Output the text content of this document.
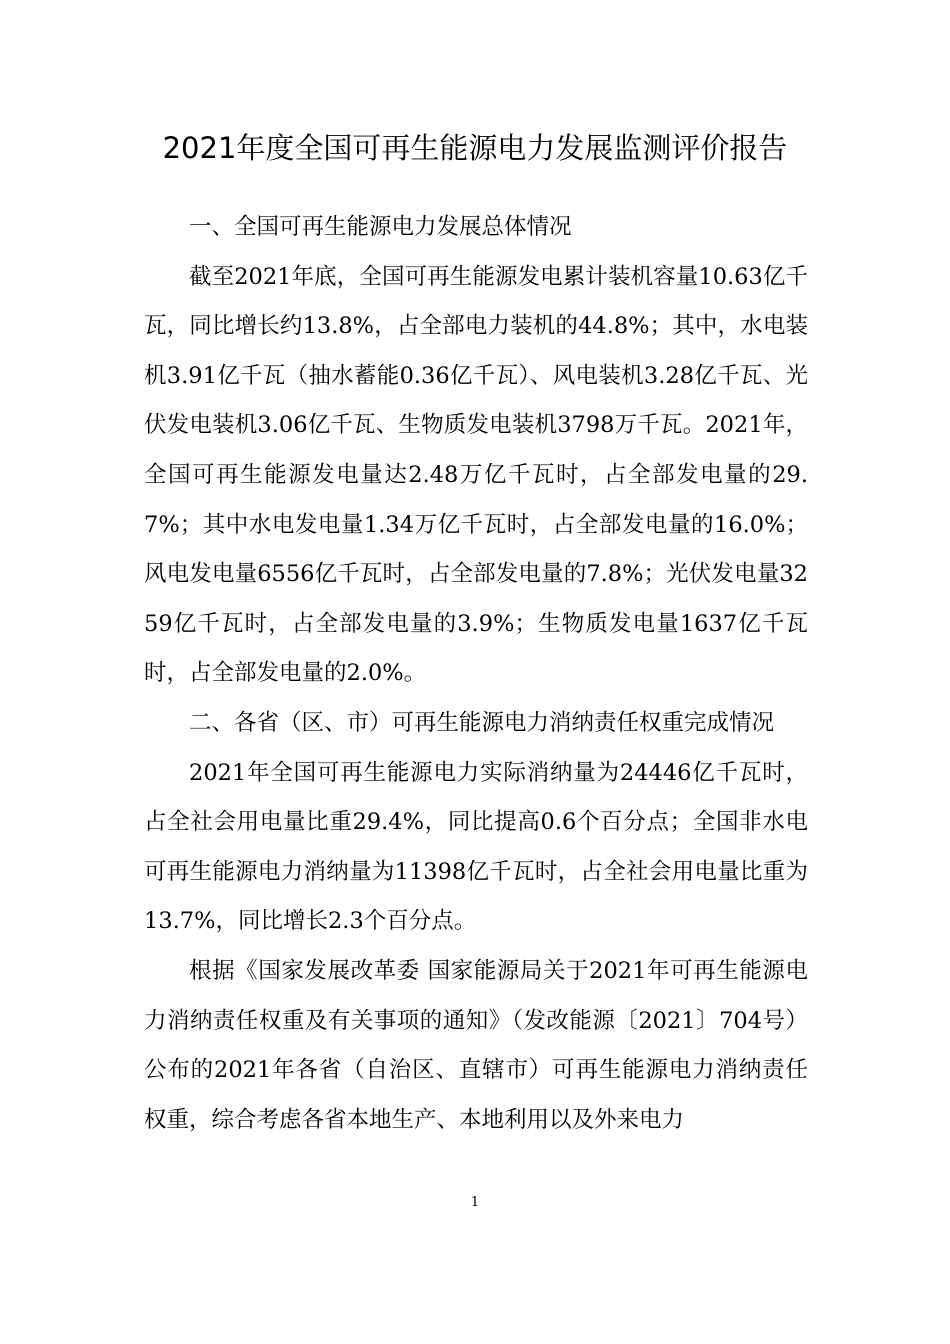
2021年度全国可再生能源电力发展监测评价报告

一、全国可再生能源电力发展总体情况

截至2021年底，全国可再生能源发电累计装机容量10.63亿千瓦，同比增长约13.8%，占全部电力装机的44.8%；其中，水电装机3.91亿千瓦（抽水蓄能0.36亿千瓦）、风电装机3.28亿千瓦、光伏发电装机3.06亿千瓦、生物质发电装机3798万千瓦。2021年，全国可再生能源发电量达2.48万亿千瓦时，占全部发电量的29.7%；其中水电发电量1.34万亿千瓦时，占全部发电量的16.0%；风电发电量6556亿千瓦时，占全部发电量的7.8%；光伏发电量3259亿千瓦时，占全部发电量的3.9%；生物质发电量1637亿千瓦时，占全部发电量的2.0%。

二、各省（区、市）可再生能源电力消纳责任权重完成情况

2021年全国可再生能源电力实际消纳量为24446亿千瓦时，占全社会用电量比重29.4%，同比提高0.6个百分点；全国非水电可再生能源电力消纳量为11398亿千瓦时，占全社会用电量比重为13.7%，同比增长2.3个百分点。

根据《国家发展改革委 国家能源局关于2021年可再生能源电力消纳责任权重及有关事项的通知》（发改能源〔2021〕704号）公布的2021年各省（自治区、直辖市）可再生能源电力消纳责任权重，综合考虑各省本地生产、本地利用以及外来电力

1
